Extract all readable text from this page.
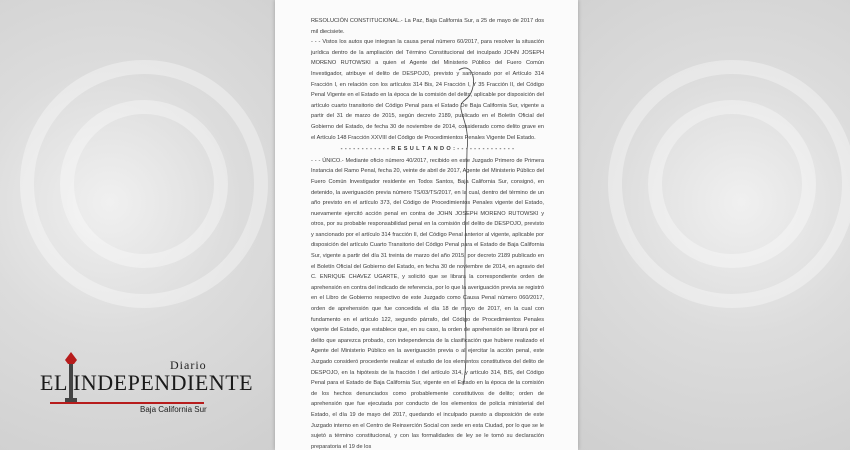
RESOLUCIÓN CONSTITUCIONAL.- La Paz, Baja California Sur, a 25 de mayo de 2017 dos mil diecisiete.

- - - Vistos los autos que integran la causa penal número 60/2017, para resolver la situación jurídica dentro de la ampliación del Término Constitucional del inculpado JOHN JOSEPH MORENO RUTOWSKI a quien el Agente del Ministerio Público del Fuero Común Investigador, atribuye el delito de DESPOJO, previsto y sancionado por el Artículo 314 Fracción I, en relación con los artículos 314 Bis, 24 Fracción I, Y 35 Fracción II, del Código Penal Vigente en el Estado en la época de la comisión del delito, aplicable por disposición del artículo cuarto transitorio del Código Penal para el Estado De Baja California Sur, vigente a partir del 31 de marzo de 2015, según decreto 2189, publicado en el Boletín Oficial del Gobierno del Estado, de fecha 30 de noviembre de 2014, considerado como delito grave en el Artículo 148 Fracción XXVIII del Código de Procedimientos Penales Vigente Del Estado.

- - - - - - - - - - - - R E S U L T A N D O : - - - - - - - - - - - - - -

- - - ÚNICO.- Mediante oficio número 40/2017, recibido en este Juzgado Primero de Primera Instancia del Ramo Penal, fecha 20, veinte de abril de 2017, Agente del Ministerio Público del Fuero Común Investigador residente en Todos Santos, Baja California Sur, consignó, en detenido, la averiguación previa número TS/03/TS/2017, en la cual, dentro del término de un año previsto en el artículo 373, del Código de Procedimientos Penales vigente del Estado, nuevamente ejercitó acción penal en contra de JOHN JOSEPH MORENO RUTOWSKI y otros, por su probable responsabilidad penal en la comisión del delito de DESPOJO, previsto y sancionado por el artículo 314 fracción II, del Código Penal anterior al vigente, aplicable por disposición del artículo Cuarto Transitorio del Código Penal para el Estado de Baja California Sur, vigente a partir del día 31 treinta de marzo del año 2015, por decreto 2189 publicado en el Boletín Oficial del Gobierno del Estado, en fecha 30 de noviembre de 2014, en agravio del C. ENRIQUE CHAVEZ UGARTE, y solicitó que se librara la correspondiente orden de aprehensión en contra del indicado de referencia, por lo que la averiguación previa se registró en el Libro de Gobierno respectivo de este Juzgado como Causa Penal número 060/2017, orden de aprehensión que fue concedida el día 18 de mayo de 2017, en la cual con fundamento en el artículo 122, segundo párrafo, del Código de Procedimientos Penales vigente del Estado, que establece que, en su caso, la orden de aprehensión se librará por el delito que aparezca probado, con independencia de la clasificación que hubiere realizado el Agente del Ministerio Público en la averiguación previa o al ejercitar la acción penal, este Juzgado consideró procedente realizar el estudio de los elementos constitutivos del delito de DESPOJO, en la hipótesis de la fracción I del artículo 314, y artículo 314, BIS, del Código Penal para el Estado de Baja California Sur, vigente en el Estado en la época de la comisión de los hechos denunciados como probablemente constitutivos de delito; orden de aprehensión que fue ejecutada por conducto de los elementos de policía ministerial del Estado, el día 19 de mayo del 2017, quedando el inculpado puesto a disposición de este Juzgado interno en el Centro de Reinserción Social con sede en esta Ciudad, por lo que se le sujetó a término constitucional, y con las formalidades de ley se le tomó su declaración preparatoria el 19 de los

Diario
EL INDEPENDIENTE
Baja California Sur
